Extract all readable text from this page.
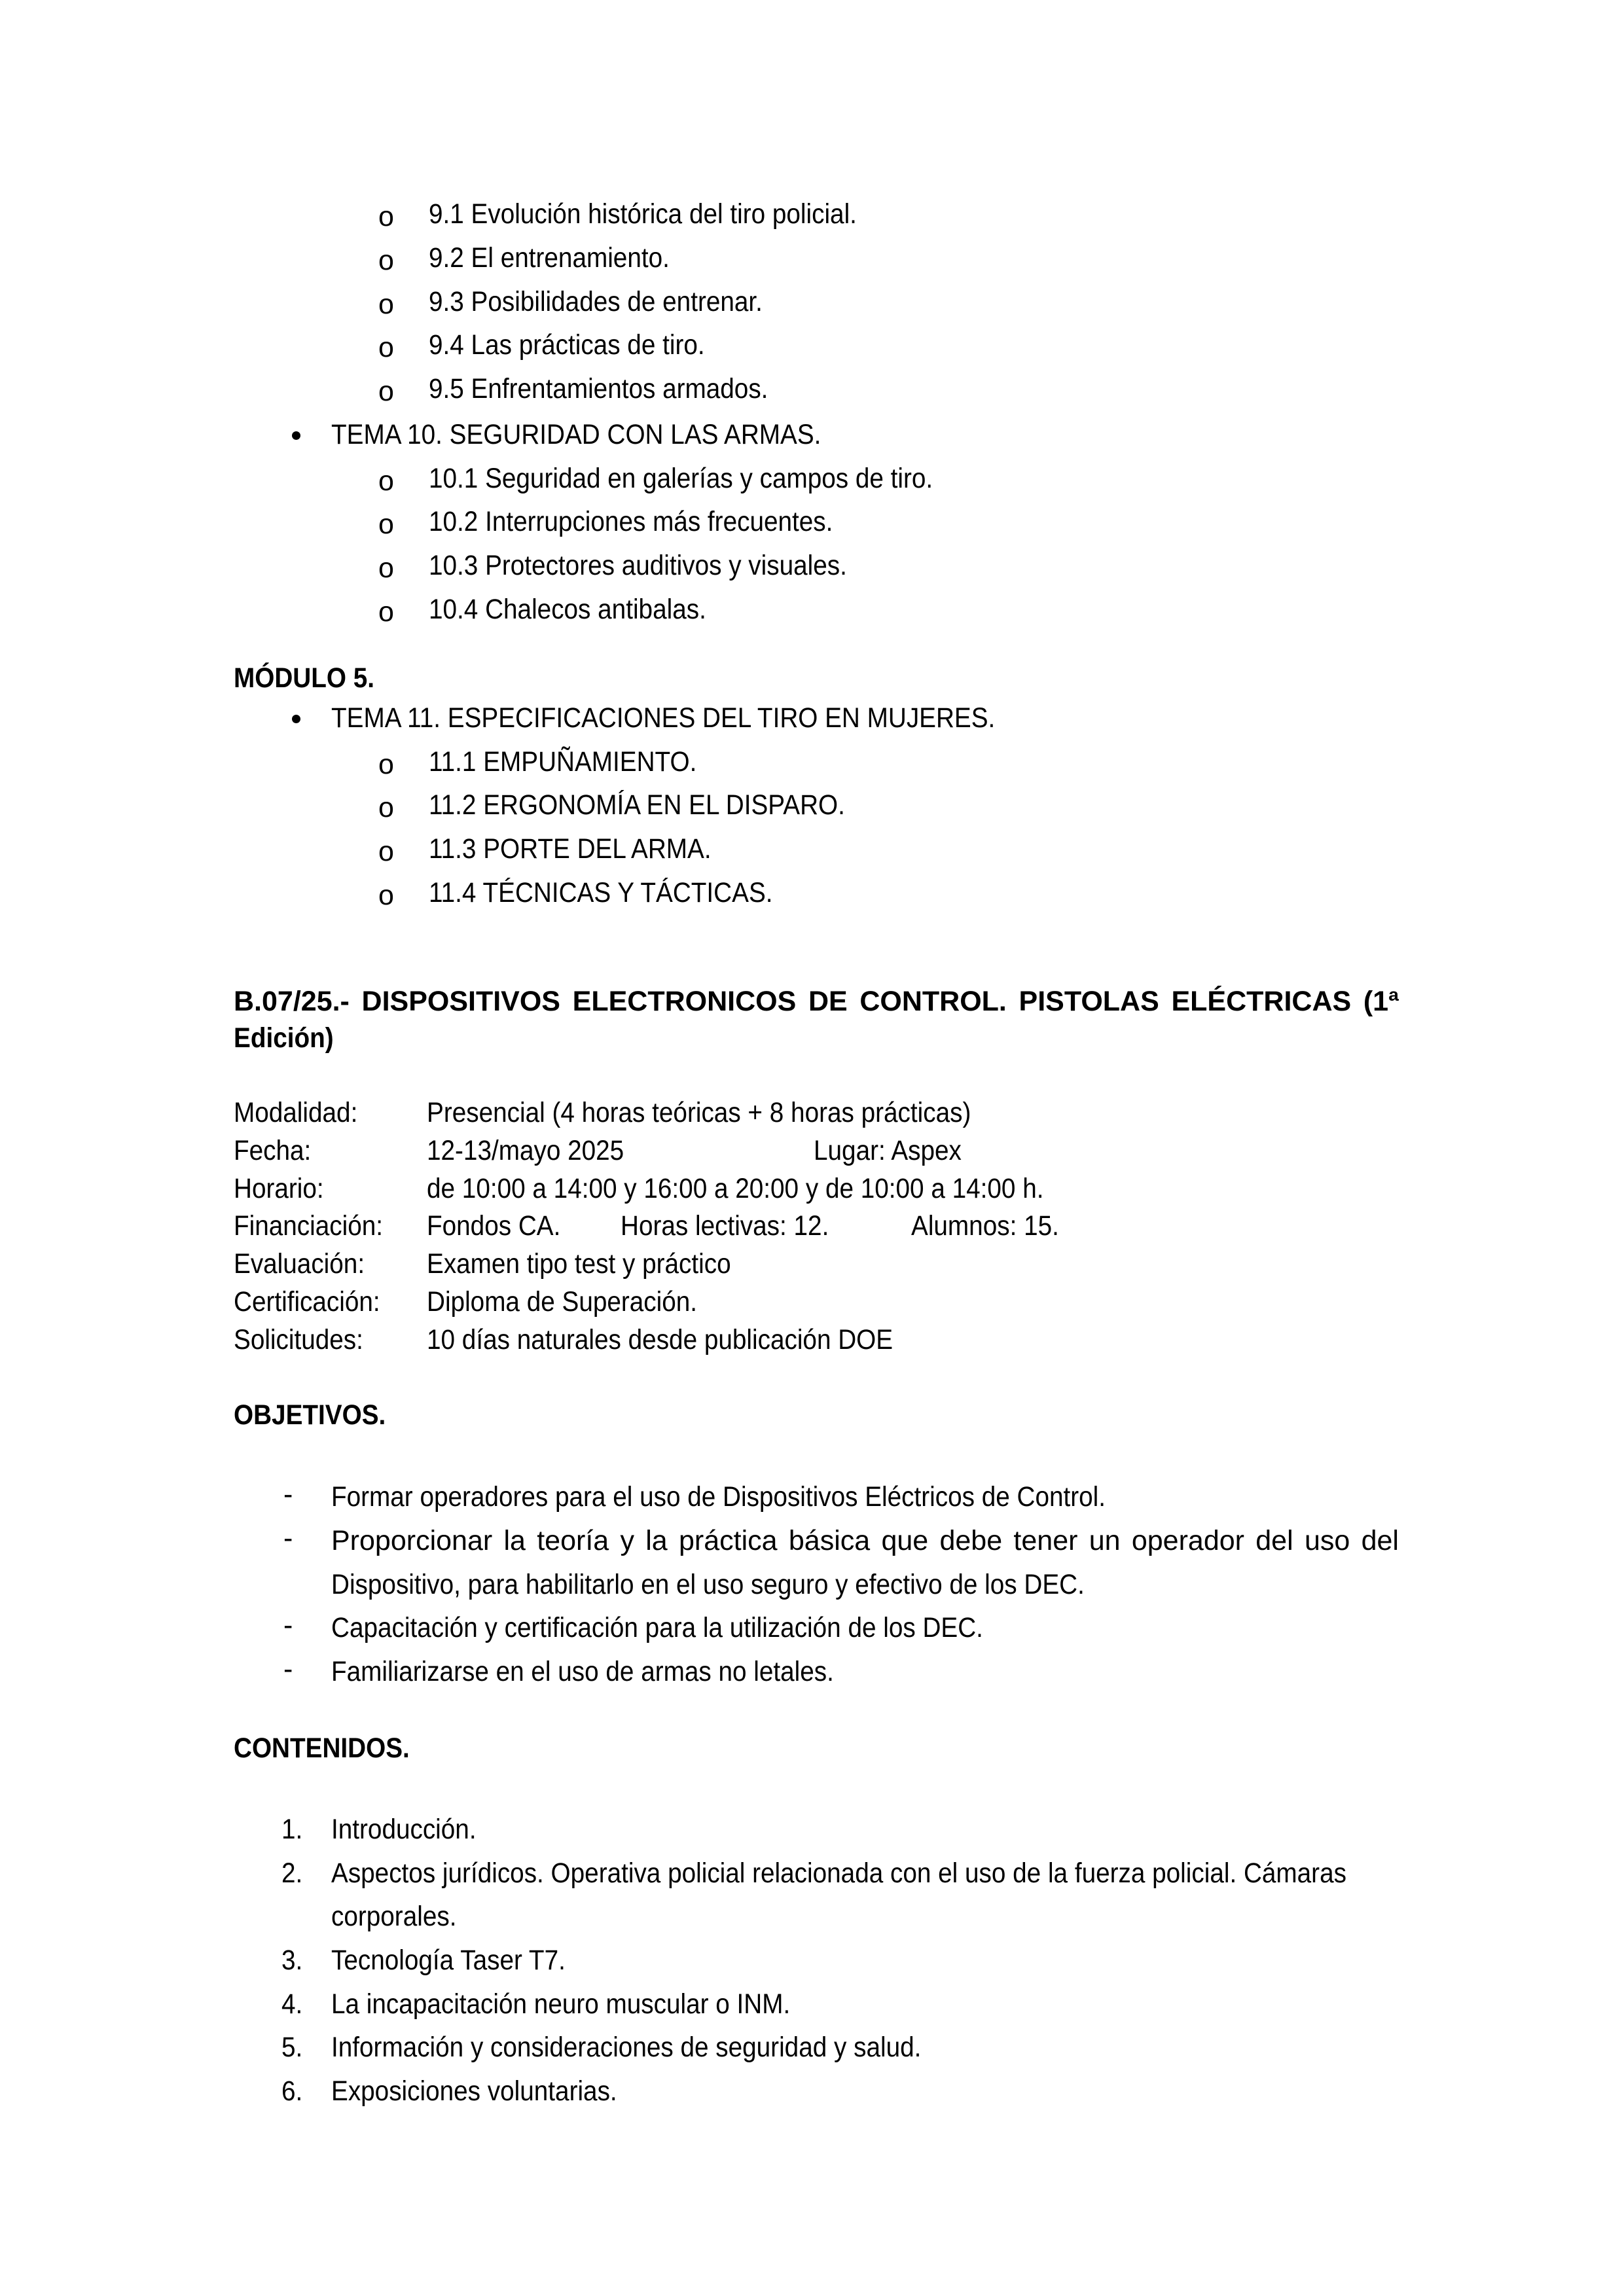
o 9.1 Evolución histórica del tiro policial.
o 9.2 El entrenamiento.
o 9.3 Posibilidades de entrenar.
o 9.4 Las prácticas de tiro.
o 9.5 Enfrentamientos armados.
TEMA 10. SEGURIDAD CON LAS ARMAS.
o 10.1 Seguridad en galerías y campos de tiro.
o 10.2 Interrupciones más frecuentes.
o 10.3 Protectores auditivos y visuales.
o 10.4 Chalecos antibalas.
MÓDULO 5.
TEMA 11. ESPECIFICACIONES DEL TIRO EN MUJERES.
o 11.1 EMPUÑAMIENTO.
o 11.2 ERGONOMÍA EN EL DISPARO.
o 11.3 PORTE DEL ARMA.
o 11.4 TÉCNICAS Y TÁCTICAS.
B.07/25.- DISPOSITIVOS ELECTRONICOS DE CONTROL. PISTOLAS ELÉCTRICAS (1ª
Edición)
Modalidad: Presencial (4 horas teóricas + 8 horas prácticas)
Fecha:	12-13/mayo 2025	Lugar: Aspex
Horario:	de 10:00 a 14:00 y 16:00 a 20:00 y de 10:00 a 14:00 h.
Financiación: Fondos CA. Horas lectivas: 12.	Alumnos: 15.
Evaluación: Examen tipo test y práctico
Certificación: Diploma de Superación.
Solicitudes: 10 días naturales desde publicación DOE
OBJETIVOS.
- Formar operadores para el uso de Dispositivos Eléctricos de Control.
- Proporcionar la teoría y la práctica básica que debe tener un operador del uso del
Dispositivo, para habilitarlo en el uso seguro y efectivo de los DEC.
- Capacitación y certificación para la utilización de los DEC.
- Familiarizarse en el uso de armas no letales.
CONTENIDOS.
1. Introducción.
2. Aspectos jurídicos. Operativa policial relacionada con el uso de la fuerza policial. Cámaras
corporales.
3. Tecnología Taser T7.
4. La incapacitación neuro muscular o INM.
5. Información y consideraciones de seguridad y salud.
6. Exposiciones voluntarias.
